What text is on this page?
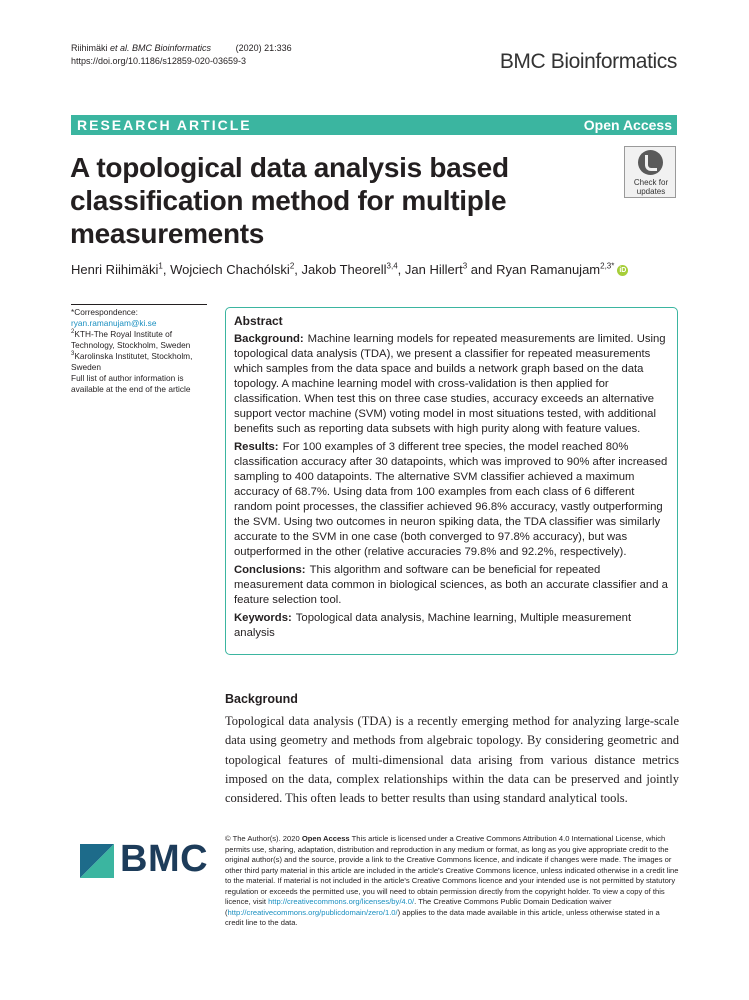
Riihimäki et al. BMC Bioinformatics	(2020) 21:336
https://doi.org/10.1186/s12859-020-03659-3	BMC Bioinformatics
RESEARCH ARTICLE	Open Access
A topological data analysis based classification method for multiple measurements
Check for
updates
Henri Riihimäki$^1$, Wojciech Chachólski$^2$, Jakob Theorell$^{3,4}$, Jan Hillert$^3$ and Ryan Ramanujam$^{2,3*}$ iD
*Correspondence:
ryan.ramanujam@ki.se
$^2$KTH-The Royal Institute of Technology, Stockholm, Sweden
$^3$Karolinska Institutet, Stockholm, Sweden
Full list of author information is available at the end of the article
Abstract

Background: Machine learning models for repeated measurements are limited. Using topological data analysis (TDA), we present a classifier for repeated measurements which samples from the data space and builds a network graph based on the data topology. A machine learning model with cross-validation is then applied for classification. When test this on three case studies, accuracy exceeds an alternative support vector machine (SVM) voting model in most situations tested, with additional benefits such as reporting data subsets with high purity along with feature values.

Results: For 100 examples of 3 different tree species, the model reached 80% classification accuracy after 30 datapoints, which was improved to 90% after increased sampling to 400 datapoints. The alternative SVM classifier achieved a maximum accuracy of 68.7%. Using data from 100 examples from each class of 6 different random point processes, the classifier achieved 96.8% accuracy, vastly outperforming the SVM. Using two outcomes in neuron spiking data, the TDA classifier was similarly accurate to the SVM in one case (both converged to 97.8% accuracy), but was outperformed in the other (relative accuracies 79.8% and 92.2%, respectively).

Conclusions: This algorithm and software can be beneficial for repeated measurement data common in biological sciences, as both an accurate classifier and a feature selection tool.

Keywords: Topological data analysis, Machine learning, Multiple measurement analysis

Background

Topological data analysis (TDA) is a recently emerging method for analyzing large-scale data using geometry and methods from algebraic topology. By considering geometric and topological features of multi-dimensional data arising from various distance metrics imposed on the data, complex relationships within the data can be preserved and jointly considered. This often leads to better results than using standard analytical tools.

BMC © The Author(s). 2020 Open Access This article is licensed under a Creative Commons Attribution 4.0 International License, which permits use, sharing, adaptation, distribution and reproduction in any medium or format, as long as you give appropriate credit to the original author(s) and the source, provide a link to the Creative Commons licence, and indicate if changes were made. The images or other third party material in this article are included in the article's Creative Commons licence, unless indicated otherwise in a credit line to the material. If material is not included in the article's Creative Commons licence and your intended use is not permitted by statutory regulation or exceeds the permitted use, you will need to obtain permission directly from the copyright holder. To view a copy of this licence, visit http://creativecommons.org/licenses/by/4.0/. The Creative Commons Public Domain Dedication waiver (http://creativecommons.org/publicdomain/zero/1.0/) applies to the data made available in this article, unless otherwise stated in a credit line to the data.
